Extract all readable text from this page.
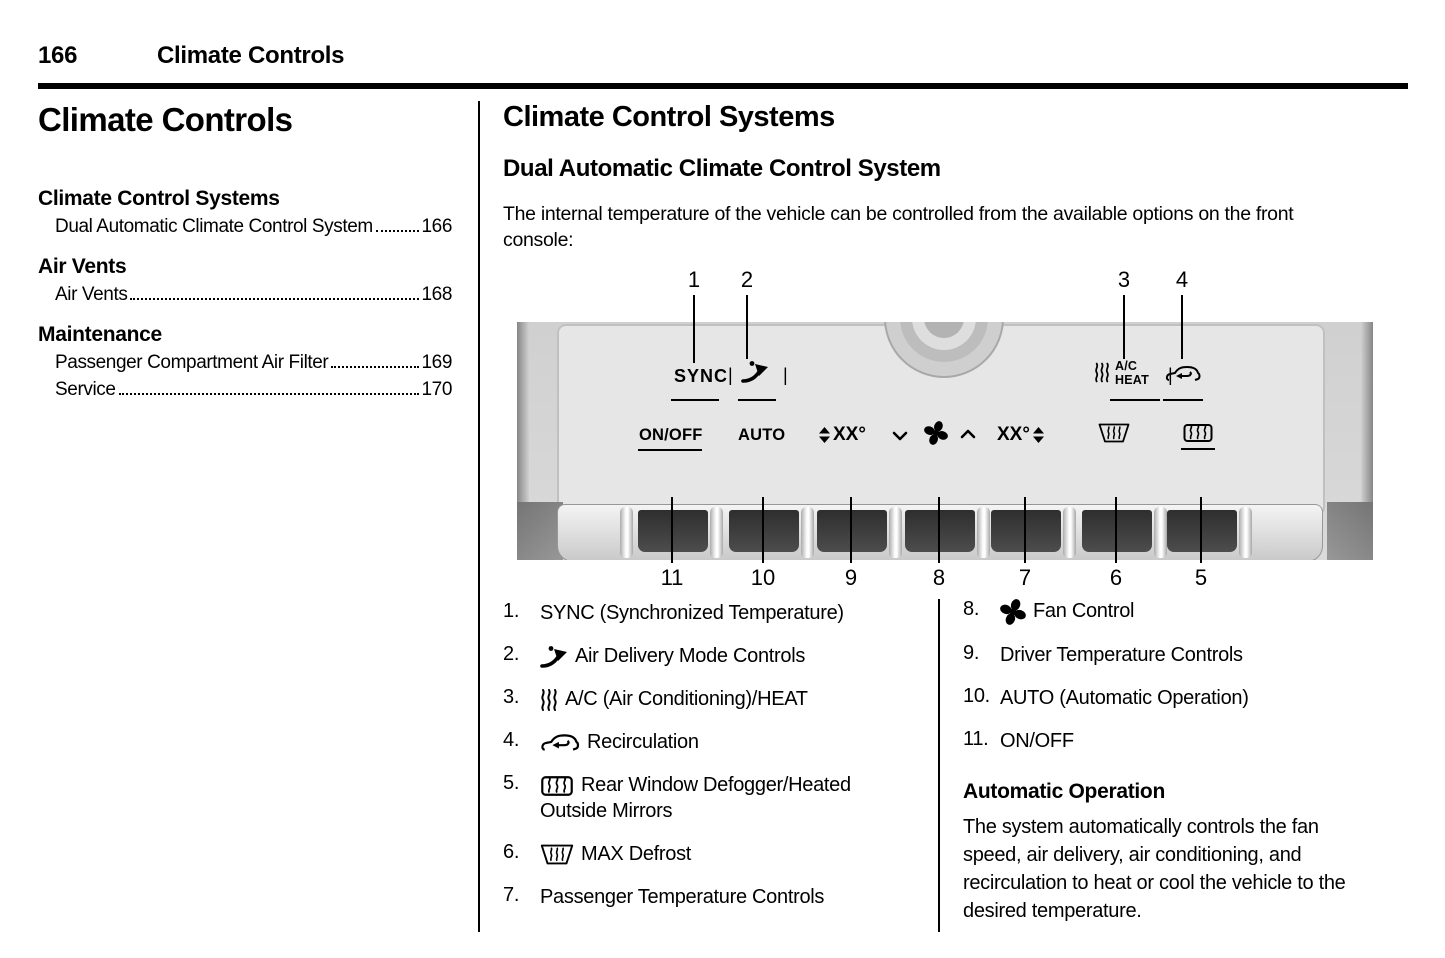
166	Climate Controls
Climate Controls
Climate Control Systems
Dual Automatic Climate Control System	166
Air Vents
Air Vents	168
Maintenance
Passenger Compartment Air Filter	169
Service	170
Climate Control Systems
Dual Automatic Climate Control System
The internal temperature of the vehicle can be controlled from the available options on the front console:
1 2	3 4
SYNC |	|	A/C
HEAT |
ON/OFF AUTO	XX°	XX°
11	10	9	8	7	6	5
1.	SYNC (Synchronized Temperature)
2.	Air Delivery Mode Controls
3.	A/C (Air Conditioning)/HEAT
4.	Recirculation
5.	Rear Window Defogger/Heated Outside Mirrors
6.	MAX Defrost
7.	Passenger Temperature Controls
8.	Fan Control
9.	Driver Temperature Controls
10. AUTO (Automatic Operation)
11. ON/OFF
Automatic Operation
The system automatically controls the fan speed, air delivery, air conditioning, and recirculation to heat or cool the vehicle to the desired temperature.
